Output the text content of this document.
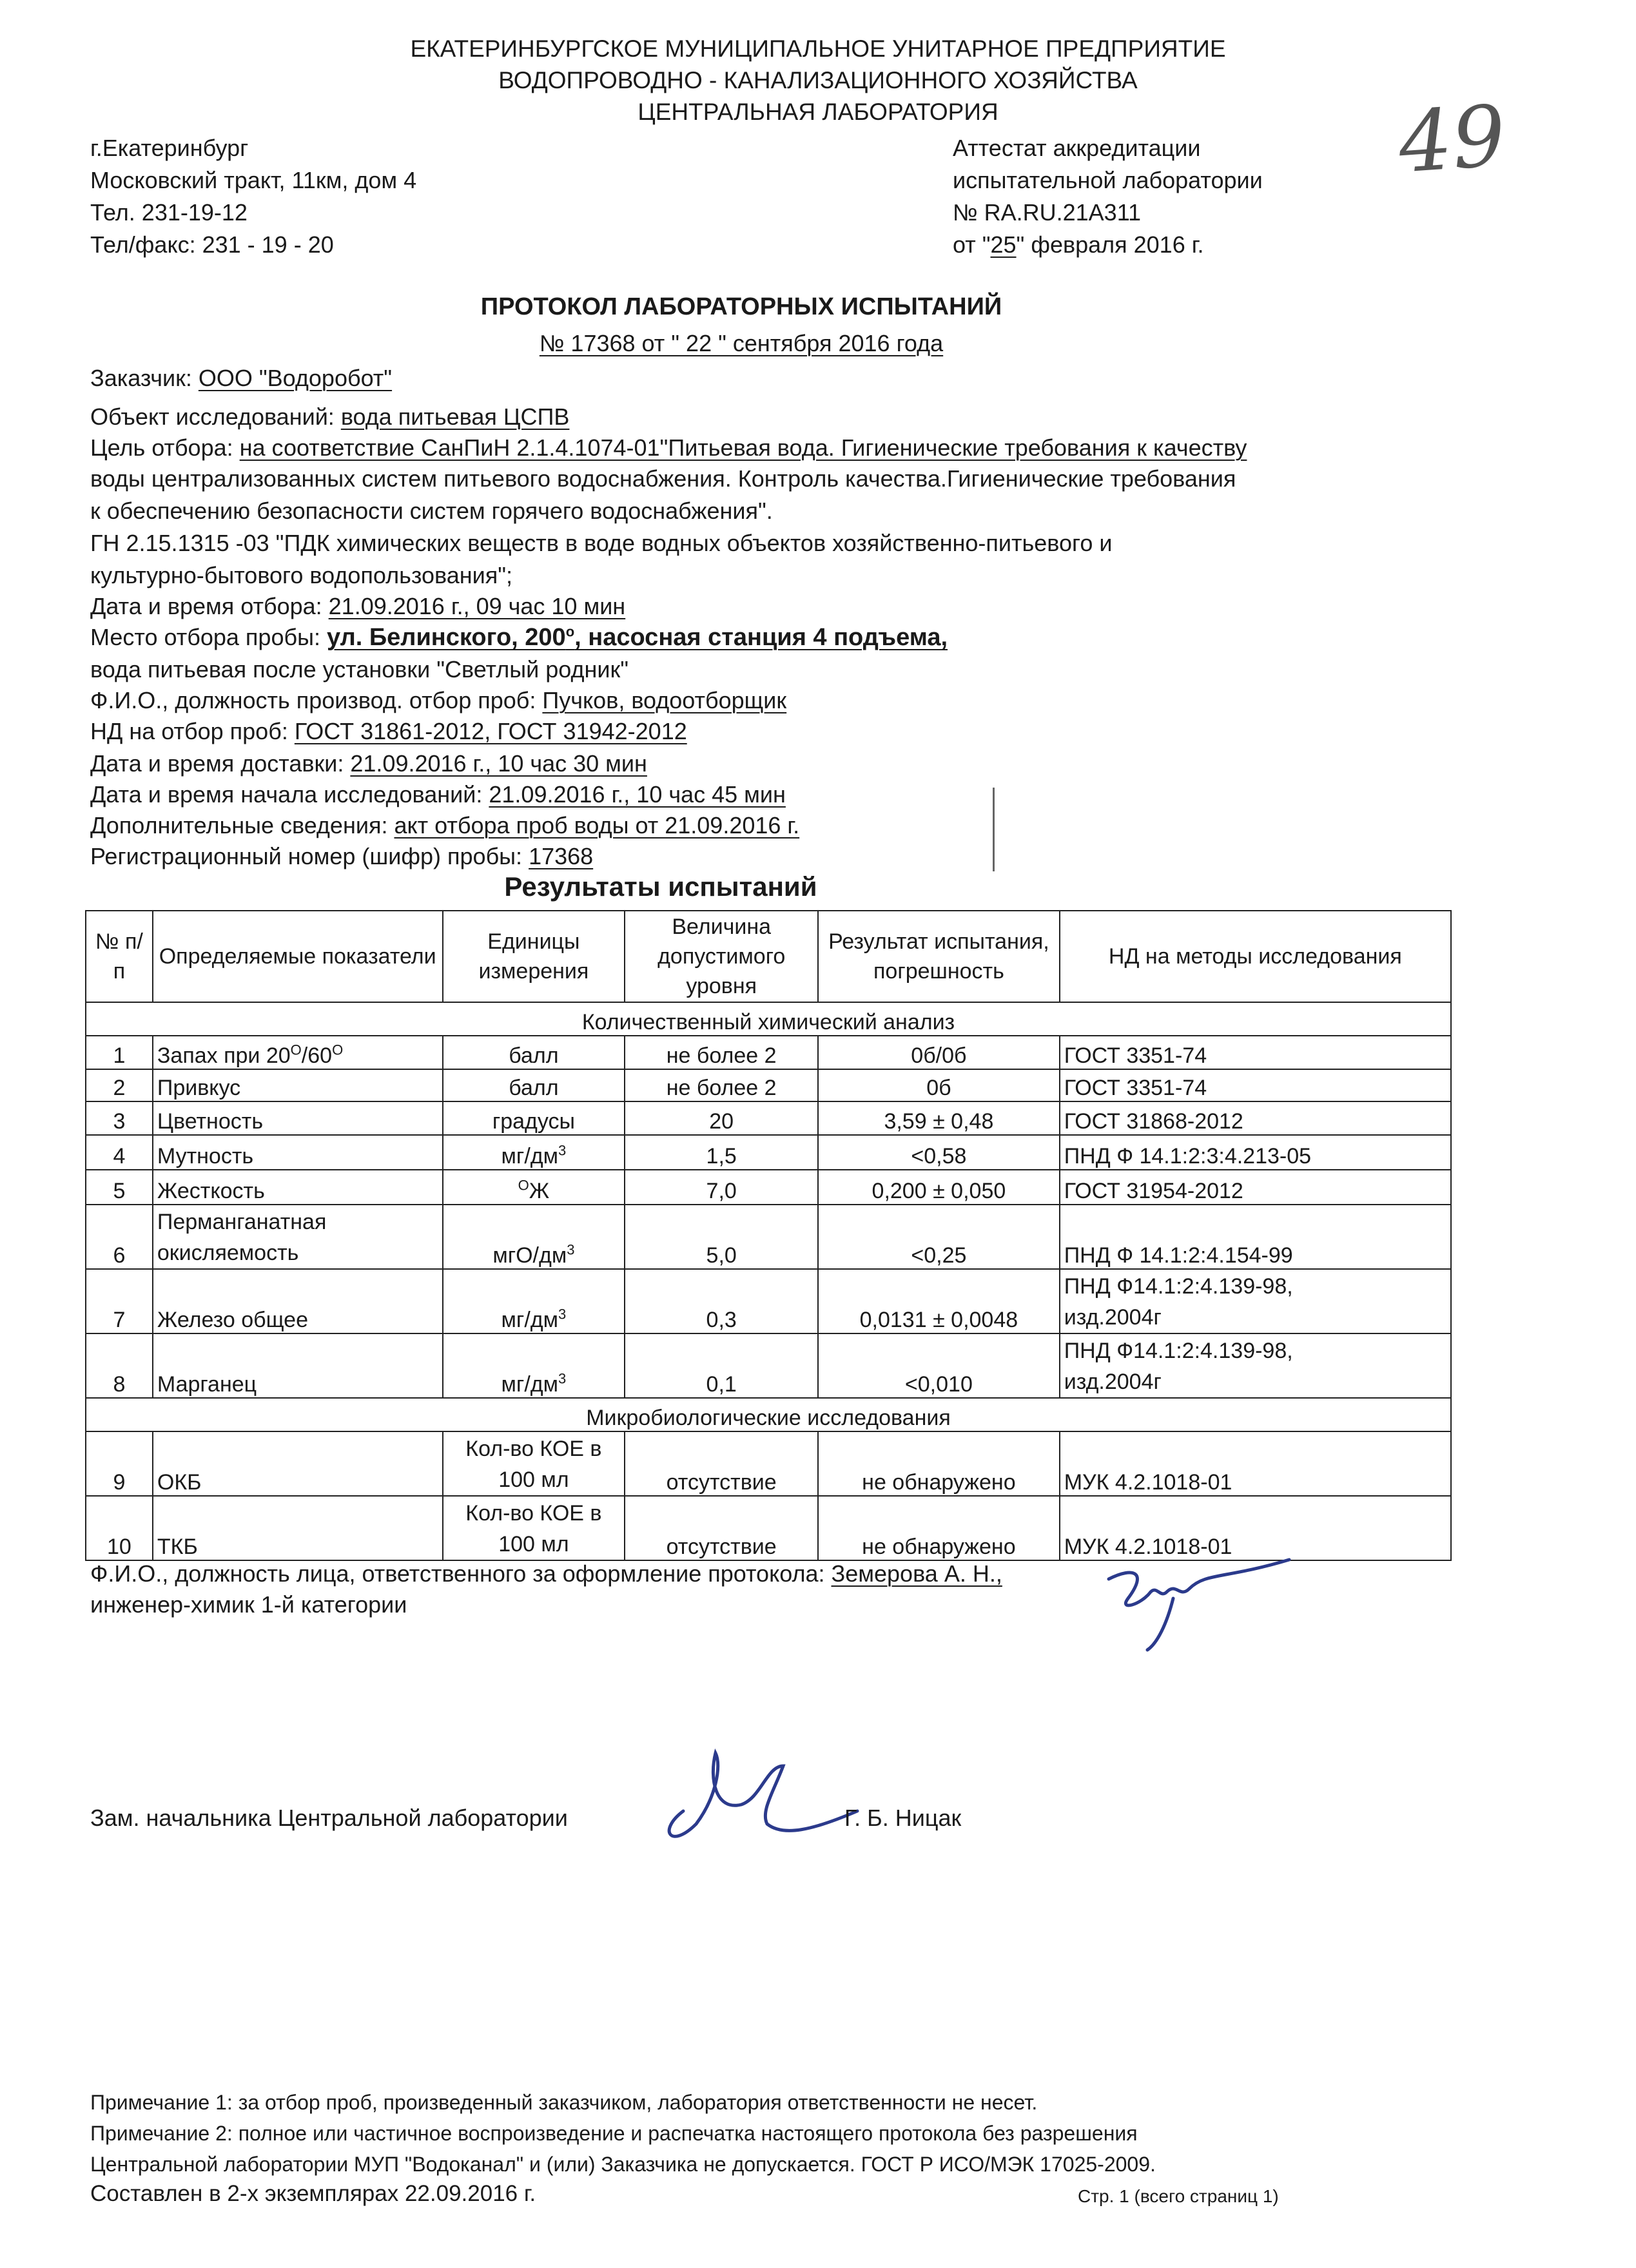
ЕКАТЕРИНБУРГСКОЕ МУНИЦИПАЛЬНОЕ УНИТАРНОЕ ПРЕДПРИЯТИЕ
ВОДОПРОВОДНО - КАНАЛИЗАЦИОННОГО ХОЗЯЙСТВА
ЦЕНТРАЛЬНАЯ ЛАБОРАТОРИЯ
г.Екатеринбург
Московский тракт, 11км, дом 4
Тел. 231-19-12
Тел/факс: 231 - 19 - 20
Аттестат аккредитации
испытательной лаборатории
№ RA.RU.21А311
от "25" февраля 2016 г.
49
ПРОТОКОЛ ЛАБОРАТОРНЫХ ИСПЫТАНИЙ
№ 17368 от " 22 " сентября 2016 года
Заказчик: ООО "Водоробот"
Объект исследований: вода питьевая ЦСПВ
Цель отбора: на соответствие СанПиН 2.1.4.1074-01"Питьевая вода. Гигиенические требования к качеству
воды централизованных систем питьевого водоснабжения. Контроль качества.Гигиенические требования
к обеспечению безопасности систем горячего водоснабжения".
ГН 2.15.1315 -03 "ПДК химических веществ в воде водных объектов хозяйственно-питьевого и
культурно-бытового водопользования";
Дата и время отбора: 21.09.2016 г., 09 час 10 мин
Место отбора пробы: ул. Белинского, $200^о$, насосная станция 4 подъема,
вода питьевая после установки "Светлый родник"
Ф.И.О., должность производ. отбор проб: Пучков, водоотборщик
НД на отбор проб: ГОСТ 31861-2012, ГОСТ 31942-2012
Дата и время доставки: 21.09.2016 г., 10 час 30 мин
Дата и время начала исследований: 21.09.2016 г., 10 час 45 мин
Дополнительные сведения: акт отбора проб воды от 21.09.2016 г.
Регистрационный номер (шифр) пробы: 17368
Результаты испытаний
№ п/п	Определяемые показатели	Единицы измерения	Величина допустимого уровня	Результат испытания, погрешность	НД на методы исследования
Количественный химический анализ					
1	Запах при $20^О/60^О$	балл	не более 2	0б/0б	ГОСТ 3351-74
2	Привкус	балл	не более 2	0б	ГОСТ 3351-74
3	Цветность	градусы	20	3,59 ± 0,48	ГОСТ 31868-2012
4	Мутность	$мг/дм^3$	1,5	<0,58	ПНД Ф 14.1:2:3:4.213-05
5	Жесткость	$^О$Ж	7,0	0,200 ± 0,050	ГОСТ 31954-2012
6	Перманганатная
окисляемость	мгО/$дм^3$	5,0	<0,25	ПНД Ф 14.1:2:4.154-99
7	Железо общее	$мг/дм^3$	0,3	0,0131 ± 0,0048	ПНД Ф14.1:2:4.139-98,
изд.2004г
8	Марганец	$мг/дм^3$	0,1	<0,010	ПНД Ф14.1:2:4.139-98,
изд.2004г
Микробиологические исследования					
9	ОКБ	Кол-во КОЕ в
100 мл	отсутствие	не обнаружено	МУК 4.2.1018-01
10	ТКБ	Кол-во КОЕ в
100 мл	отсутствие	не обнаружено	МУК 4.2.1018-01
Ф.И.О., должность лица, ответственного за оформление протокола: Земерова А. Н.,
инженер-химик 1-й категории
Зам. начальника Центральной лаборатории	Г. Б. Ницак
Примечание 1: за отбор проб, произведенный заказчиком, лаборатория ответственности не несет.
Примечание 2: полное или частичное воспроизведение и распечатка настоящего протокола без разрешения
Центральной лаборатории МУП "Водоканал" и (или) Заказчика не допускается. ГОСТ Р ИСО/МЭК 17025-2009.
Составлен в 2-х экземплярах 22.09.2016 г.	Стр. 1 (всего страниц 1)
